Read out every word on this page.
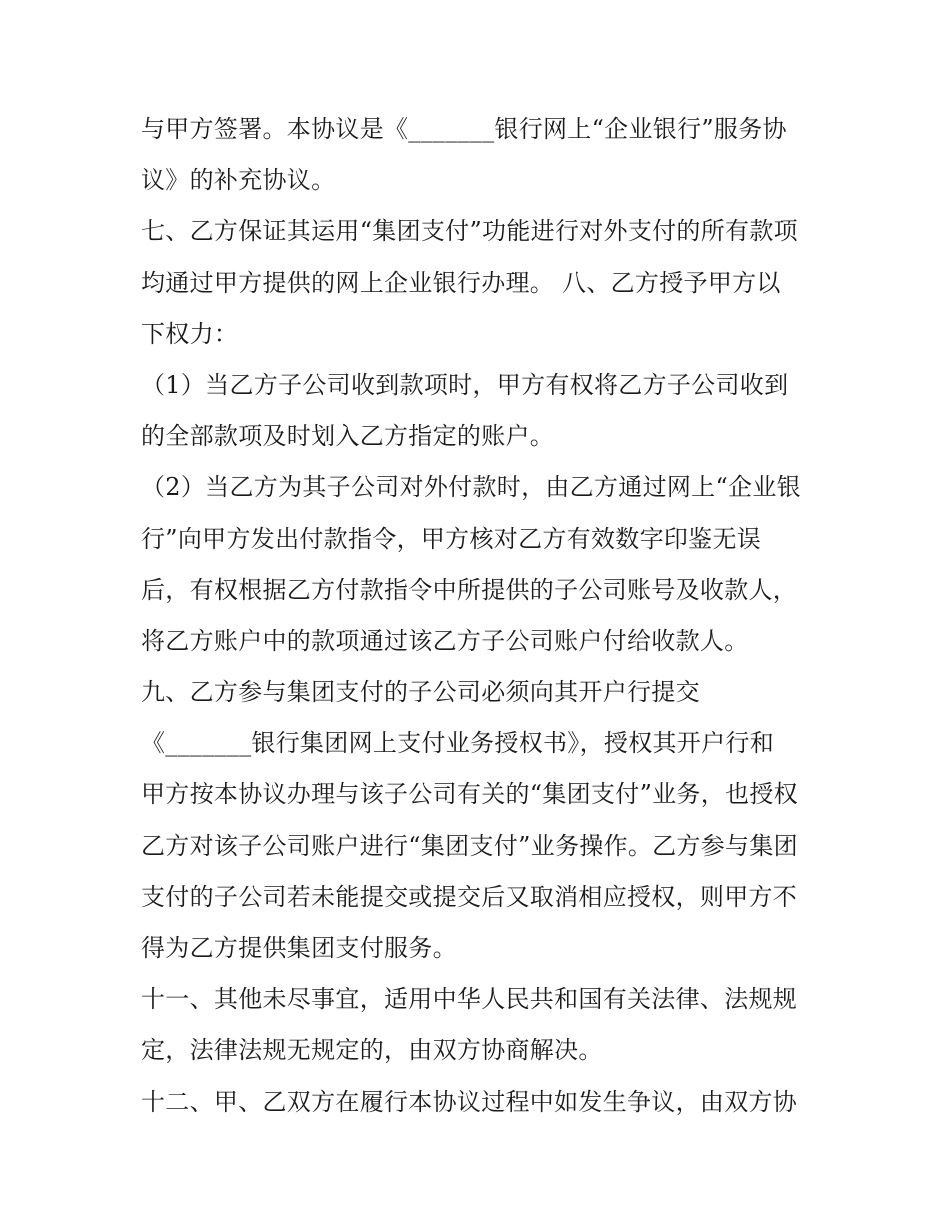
与甲方签署。本协议是《_______银行网上“企业银行”服务协
议》的补充协议。
七、乙方保证其运用“集团支付”功能进行对外支付的所有款项
均通过甲方提供的网上企业银行办理。 八、乙方授予甲方以
下权力：
（1）当乙方子公司收到款项时，甲方有权将乙方子公司收到
的全部款项及时划入乙方指定的账户。
（2）当乙方为其子公司对外付款时，由乙方通过网上“企业银
行”向甲方发出付款指令，甲方核对乙方有效数字印鉴无误
后，有权根据乙方付款指令中所提供的子公司账号及收款人，
将乙方账户中的款项通过该乙方子公司账户付给收款人。
九、乙方参与集团支付的子公司必须向其开户行提交
《_______银行集团网上支付业务授权书》，授权其开户行和
甲方按本协议办理与该子公司有关的“集团支付”业务，也授权
乙方对该子公司账户进行“集团支付”业务操作。乙方参与集团
支付的子公司若未能提交或提交后又取消相应授权，则甲方不
得为乙方提供集团支付服务。
十一、其他未尽事宜，适用中华人民共和国有关法律、法规规
定，法律法规无规定的，由双方协商解决。
十二、甲、乙双方在履行本协议过程中如发生争议，由双方协
